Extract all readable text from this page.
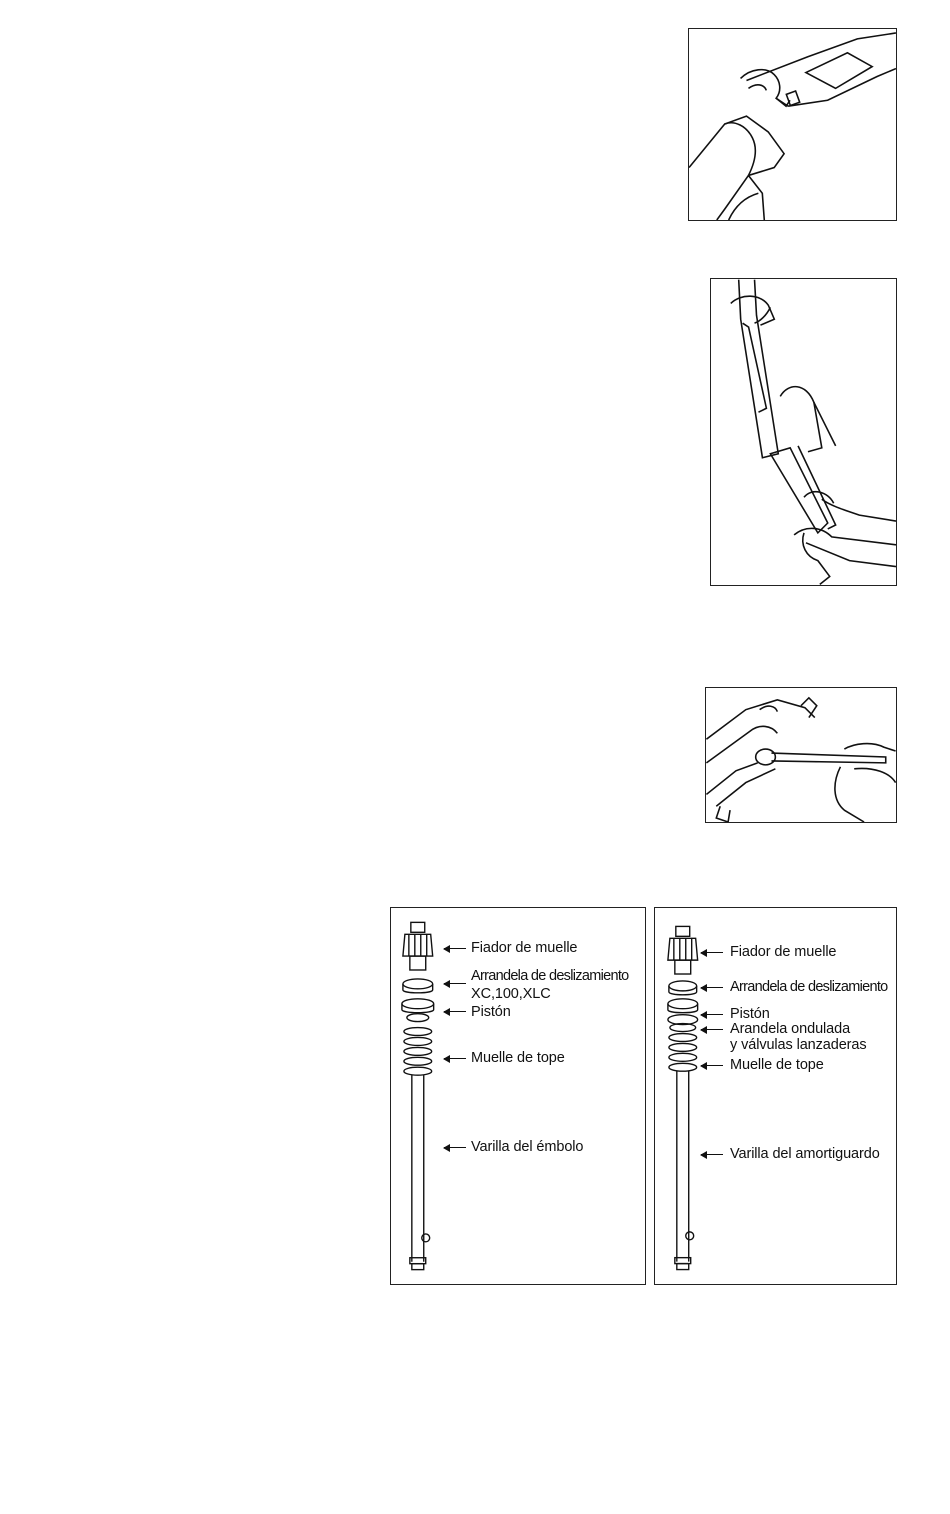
Fiador de muelle
Arrandela de deslizamiento
XC,100,XLC
Pistón
Muelle de tope
Varilla del émbolo
Fiador de muelle
Arrandela de deslizamiento
Pistón
Arandela ondulada
y válvulas lanzaderas
Muelle de tope
Varilla del amortiguardo
